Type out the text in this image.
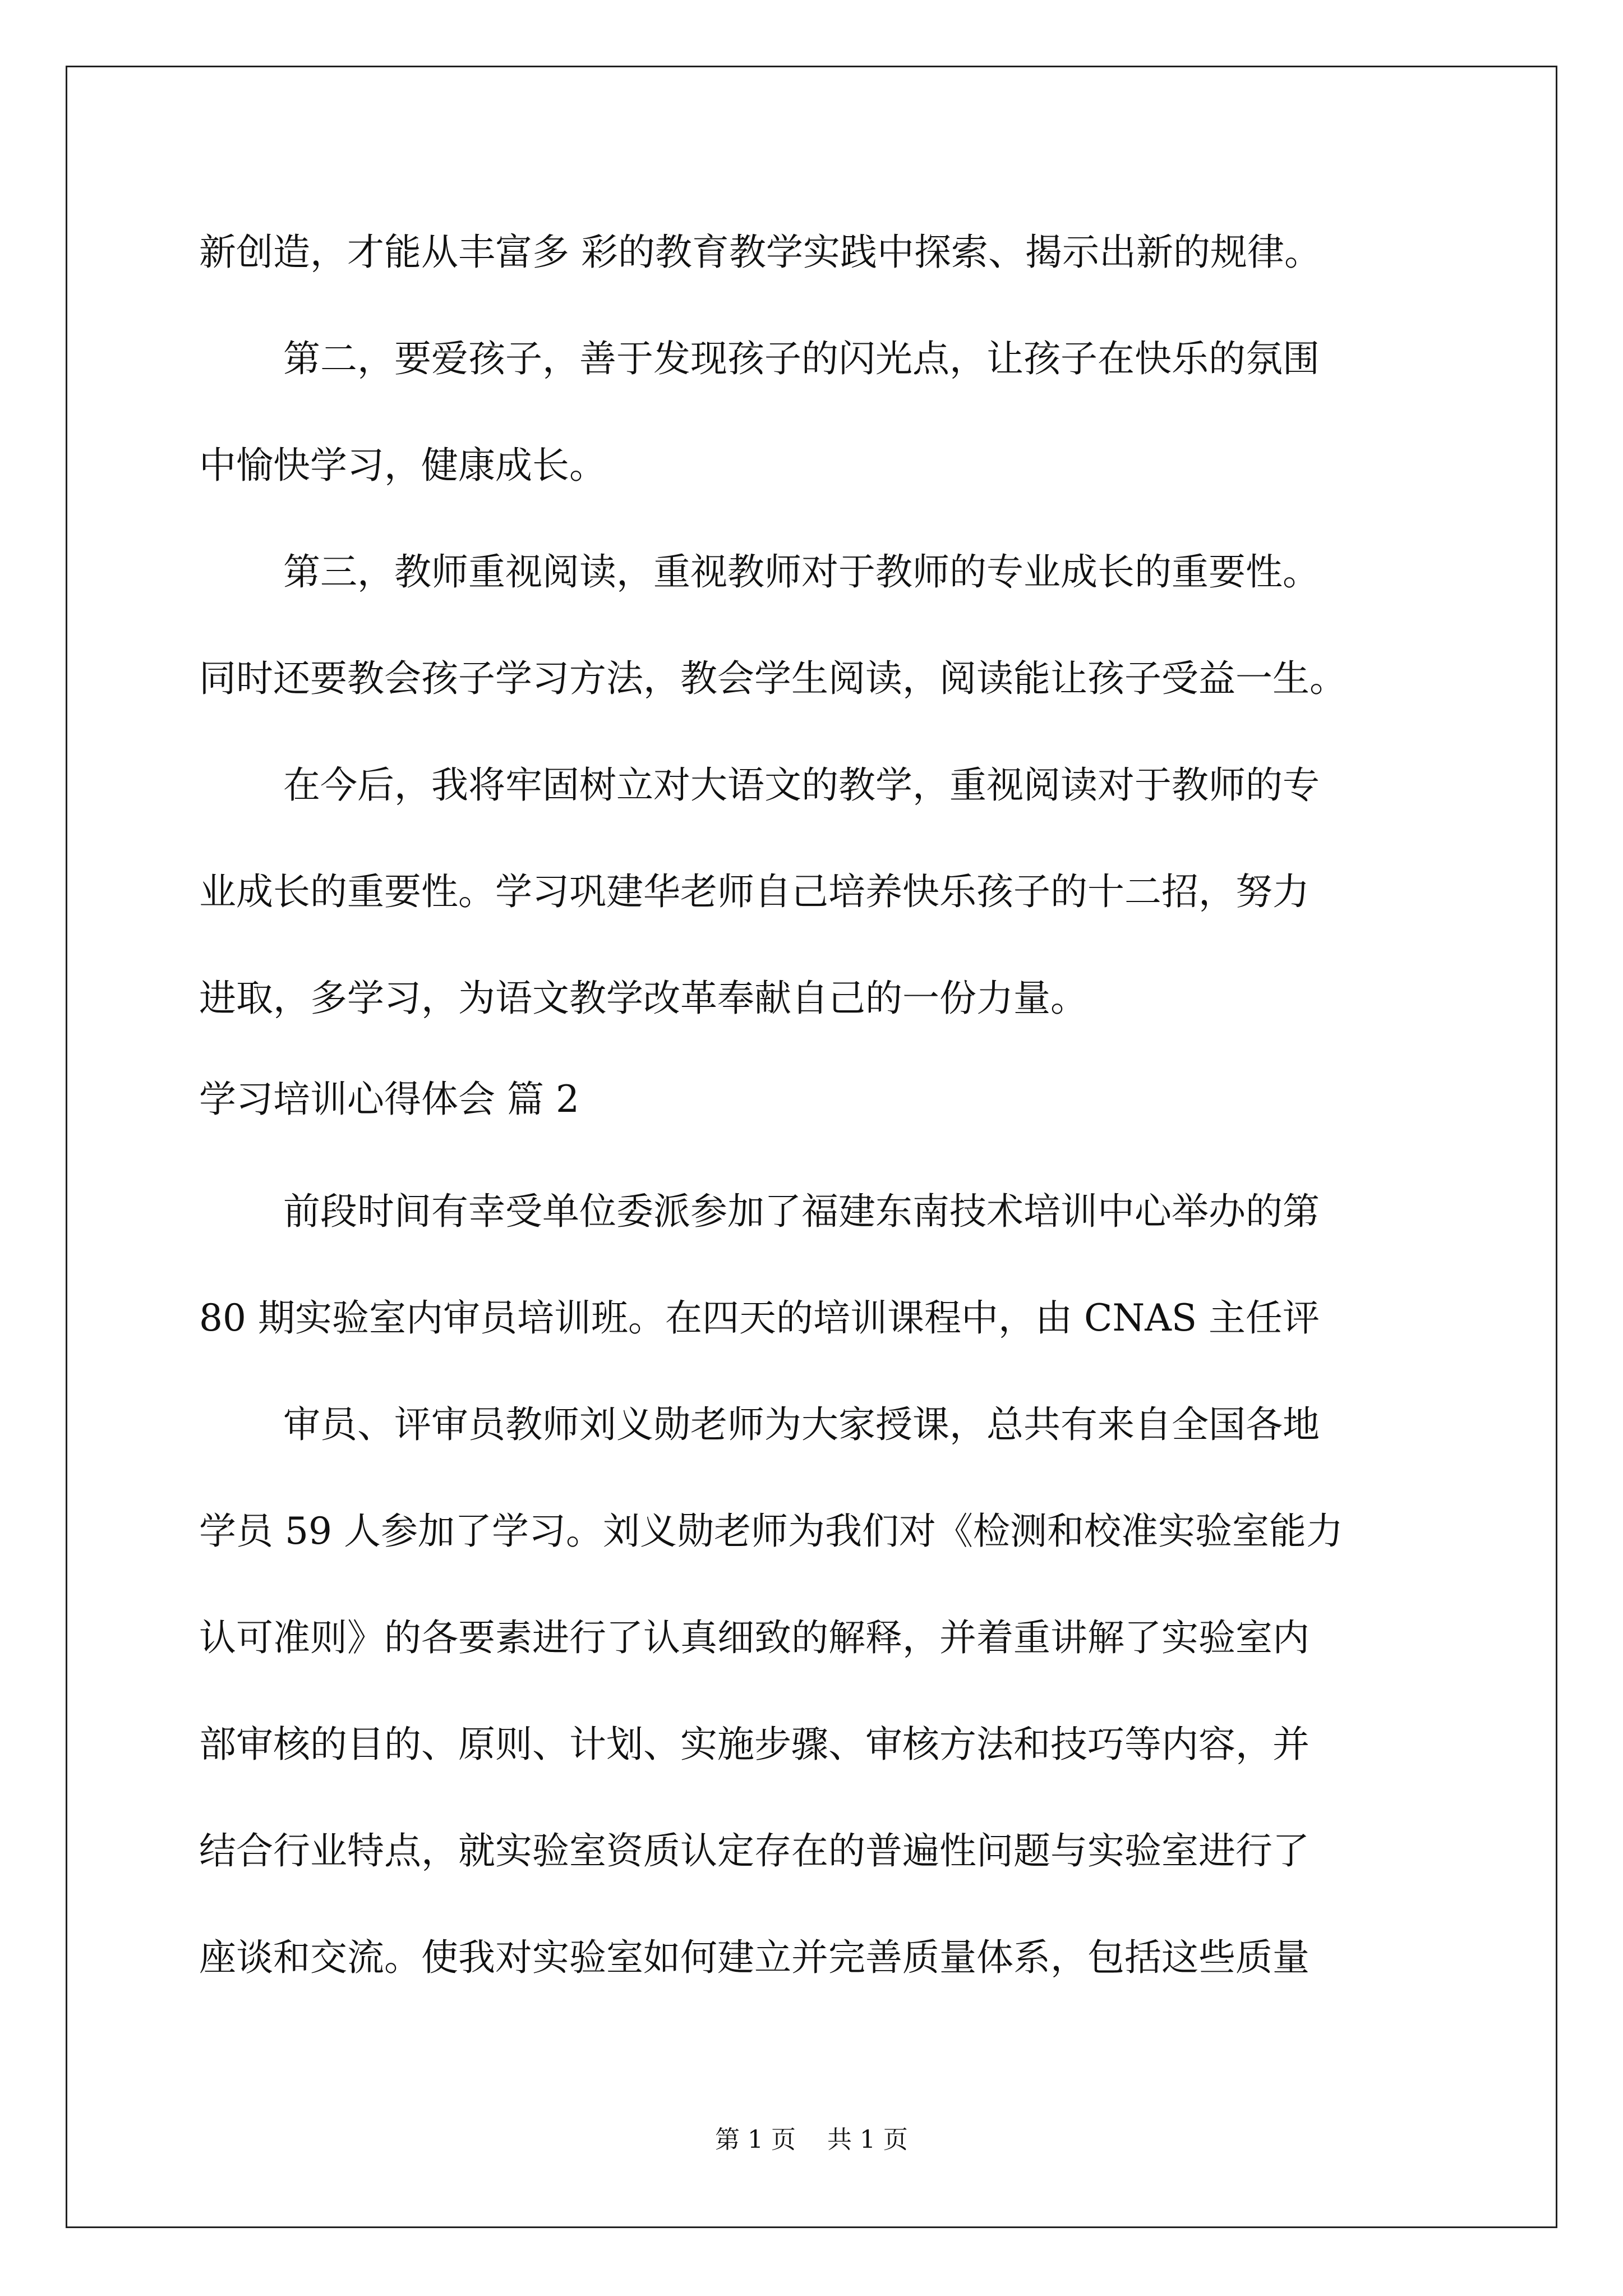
新创造，才能从丰富多 彩的教育教学实践中探索、揭示出新的规律。
第二，要爱孩子，善于发现孩子的闪光点，让孩子在快乐的氛围
中愉快学习，健康成长。
第三，教师重视阅读，重视教师对于教师的专业成长的重要性。
同时还要教会孩子学习方法，教会学生阅读，阅读能让孩子受益一生。
在今后，我将牢固树立对大语文的教学，重视阅读对于教师的专
业成长的重要性。学习巩建华老师自己培养快乐孩子的十二招，努力
进取，多学习，为语文教学改革奉献自己的一份力量。
学习培训心得体会 篇 2
前段时间有幸受单位委派参加了福建东南技术培训中心举办的第
80 期实验室内审员培训班。在四天的培训课程中，由 CNAS 主任评
审员、评审员教师刘义勋老师为大家授课，总共有来自全国各地
学员 59 人参加了学习。刘义勋老师为我们对《检测和校准实验室能力
认可准则》的各要素进行了认真细致的解释，并着重讲解了实验室内
部审核的目的、原则、计划、实施步骤、审核方法和技巧等内容，并
结合行业特点，就实验室资质认定存在的普遍性问题与实验室进行了
座谈和交流。使我对实验室如何建立并完善质量体系，包括这些质量
第 1 页    共 1 页
